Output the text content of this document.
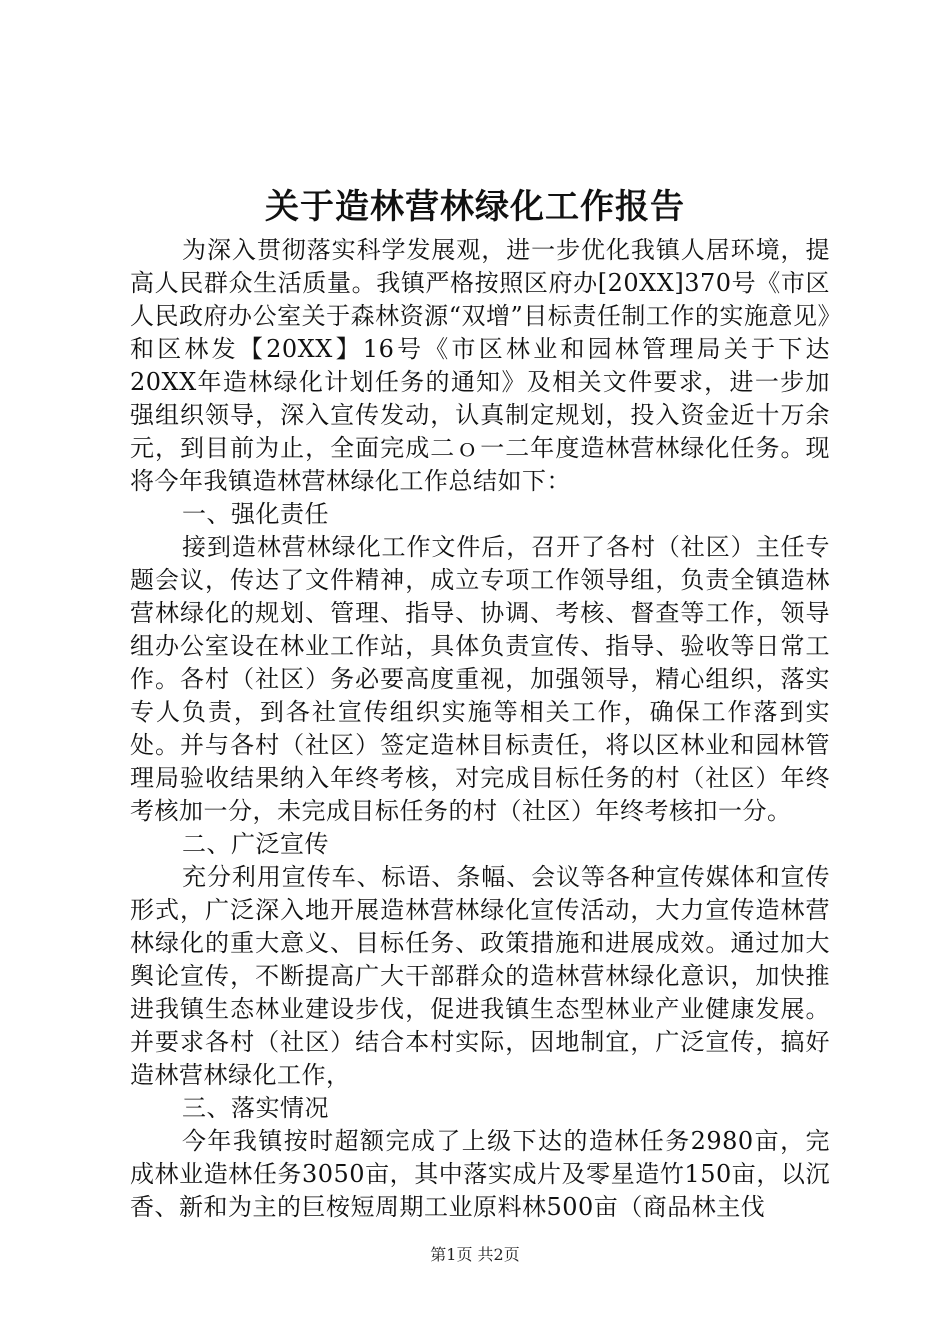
关于造林营林绿化工作报告

为深入贯彻落实科学发展观，进一步优化我镇人居环境，提高人民群众生活质量。我镇严格按照区府办[20XX]370号《市区人民政府办公室关于森林资源“双增”目标责任制工作的实施意见》和区林发【20XX】16号《市区林业和园林管理局关于下达20XX年造林绿化计划任务的通知》及相关文件要求，进一步加强组织领导，深入宣传发动，认真制定规划，投入资金近十万余元，到目前为止，全面完成二ｏ一二年度造林营林绿化任务。现将今年我镇造林营林绿化工作总结如下：

一、强化责任

接到造林营林绿化工作文件后，召开了各村（社区）主任专题会议，传达了文件精神，成立专项工作领导组，负责全镇造林营林绿化的规划、管理、指导、协调、考核、督查等工作，领导组办公室设在林业工作站，具体负责宣传、指导、验收等日常工作。各村（社区）务必要高度重视，加强领导，精心组织，落实专人负责，到各社宣传组织实施等相关工作，确保工作落到实处。并与各村（社区）签定造林目标责任，将以区林业和园林管理局验收结果纳入年终考核，对完成目标任务的村（社区）年终考核加一分，未完成目标任务的村（社区）年终考核扣一分。

二、广泛宣传

充分利用宣传车、标语、条幅、会议等各种宣传媒体和宣传形式，广泛深入地开展造林营林绿化宣传活动，大力宣传造林营林绿化的重大意义、目标任务、政策措施和进展成效。通过加大舆论宣传，不断提高广大干部群众的造林营林绿化意识，加快推进我镇生态林业建设步伐，促进我镇生态型林业产业健康发展。并要求各村（社区）结合本村实际，因地制宜，广泛宣传，搞好造林营林绿化工作，

三、落实情况

今年我镇按时超额完成了上级下达的造林任务2980亩，完成林业造林任务3050亩，其中落实成片及零星造竹150亩，以沉香、新和为主的巨桉短周期工业原料林500亩（商品林主伐

第1页 共2页
